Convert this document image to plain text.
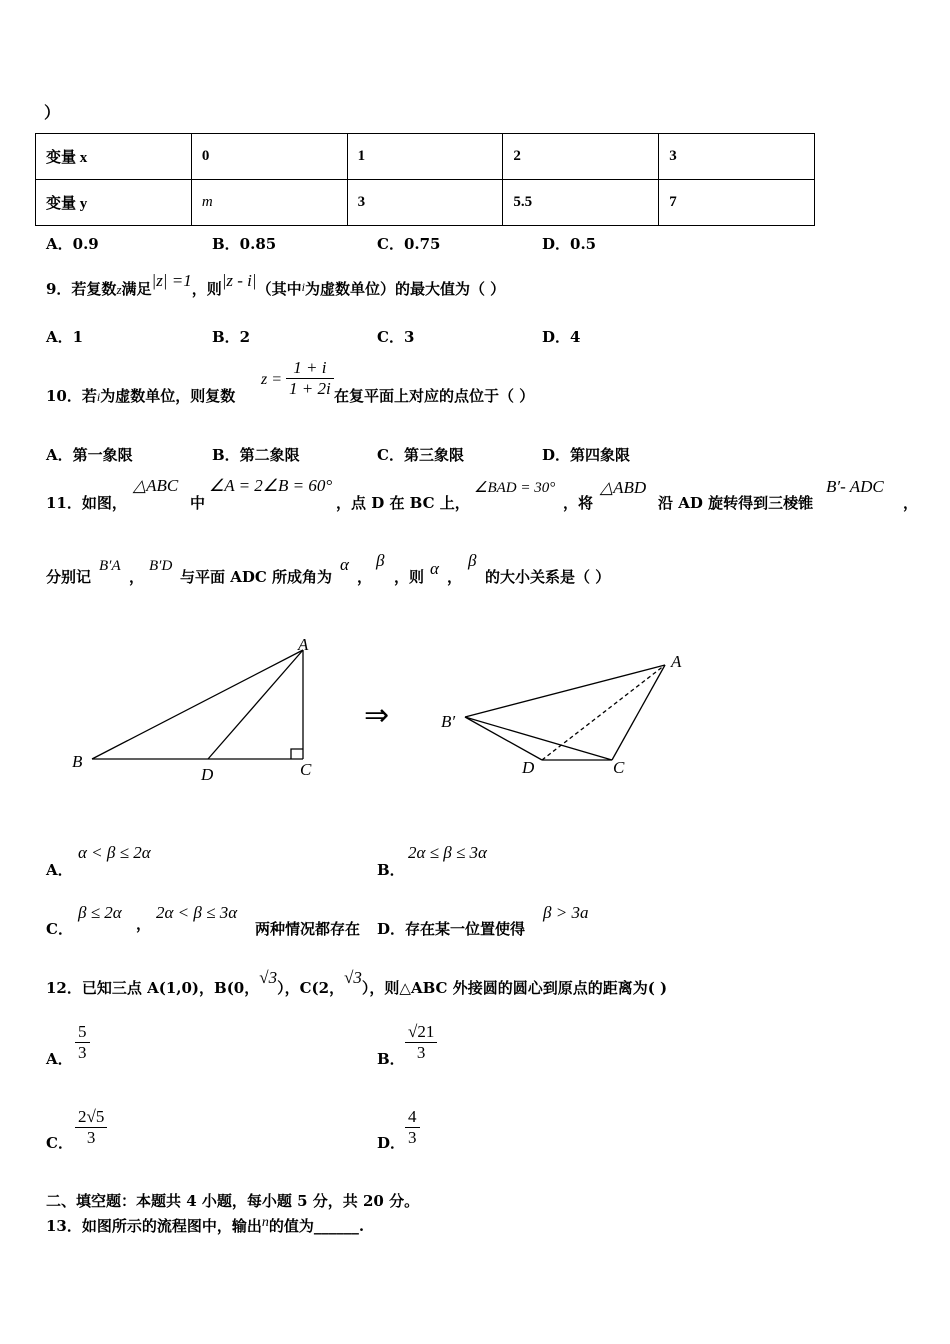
）
变量 x	0	1	2	3
变量 y	m	3	5.5	7
A．0.9	B．0.85	C．0.75	D．0.5
9．若复数z满足|z| =1，则|z - i|（其中$^i$为虚数单位）的最大值为（ ）
A．1	B．2	C．3	D．4
10．若i为虚数单位，则复数
$z = \frac{1 + i}{1 + 2i}$ 在复平面上对应的点位于（ ）
A．第一象限	B．第二象限	C．第三象限	D．第四象限
11．如图，
△ABC
中
∠A = 2∠B = 60°
，点 D 在 BC 上，
∠BAD = 30°
，将
△ABD
沿 AD 旋转得到三棱锥
B′- ADC
，
分别记
B′A
，
B′D
与平面 ADC 所成角为
α
，
β
，则 α ，
β
的大小关系是（ ）
A
B	C
D
⇒
A
B′
C
D
A．
α < β ≤ 2α
B．
2α ≤ β ≤ 3α
C．
β ≤ 2α
，
2α < β ≤ 3α
两种情况都存在 D．存在某一位置使得
β > 3a
12．已知三点 A(1,0)，B(0，√3），C(2，√3），则△ABC 外接圆的圆心到原点的距离为( )
A． $\frac{5}{3}$	B． $\frac{√21}{3}$
C． $\frac{2√5}{3}$	D． $\frac{4}{3}$
二、填空题：本题共 4 小题，每小题 5 分，共 20 分。
13．如图所示的流程图中，输出n的值为______.
